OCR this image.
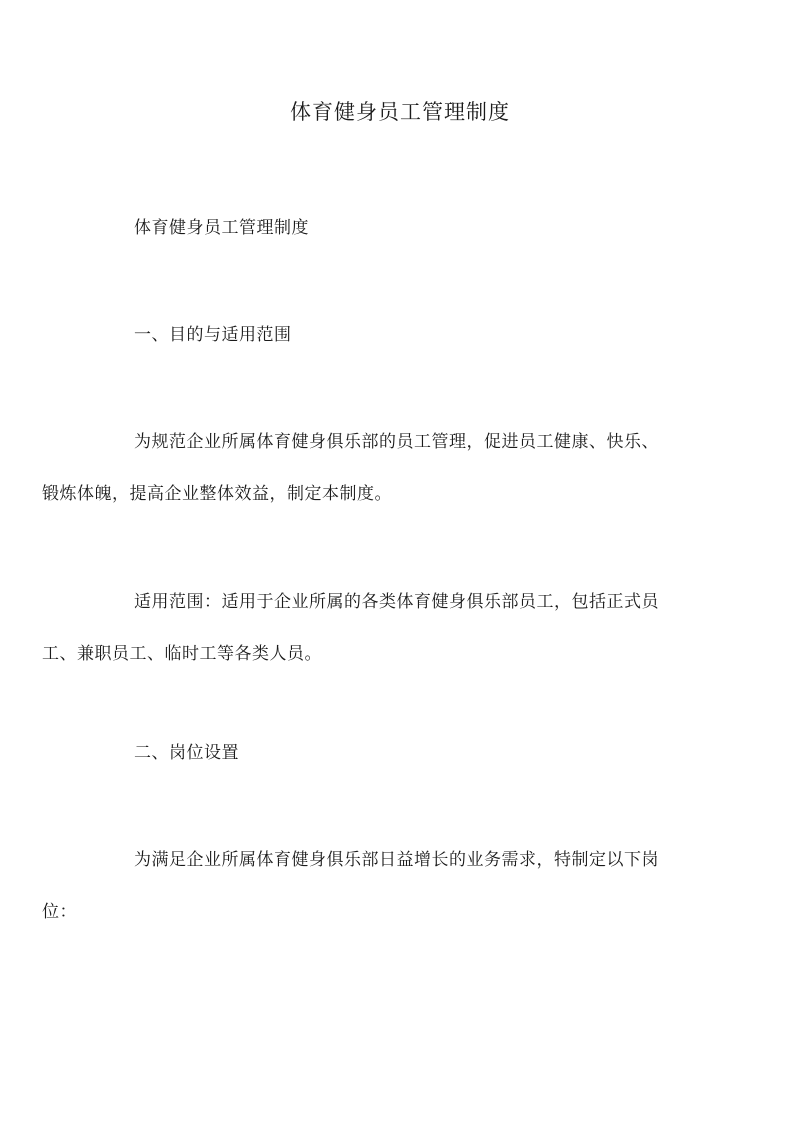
体育健身员工管理制度

体育健身员工管理制度

一、目的与适用范围

为规范企业所属体育健身俱乐部的员工管理，促进员工健康、快乐、
锻炼体魄，提高企业整体效益，制定本制度。

适用范围：适用于企业所属的各类体育健身俱乐部员工，包括正式员
工、兼职员工、临时工等各类人员。

二、岗位设置

为满足企业所属体育健身俱乐部日益增长的业务需求，特制定以下岗
位：
